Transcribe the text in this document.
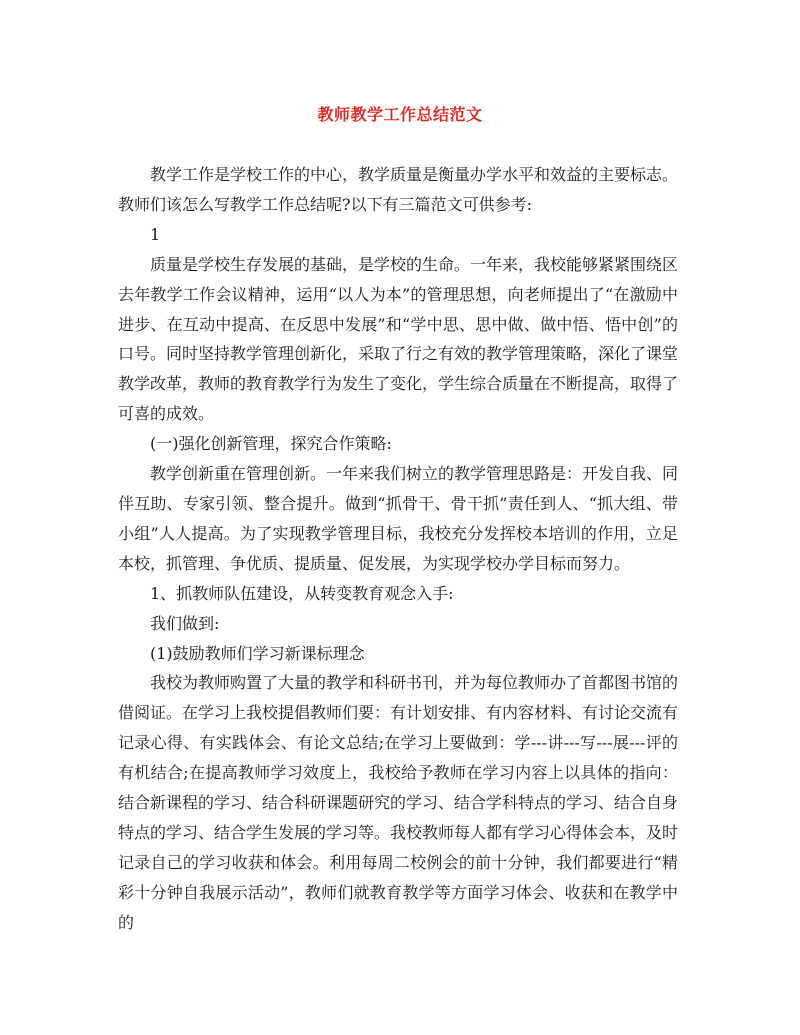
教师教学工作总结范文

教学工作是学校工作的中心，教学质量是衡量办学水平和效益的主要标志。教师们该怎么写教学工作总结呢?以下有三篇范文可供参考:

1

质量是学校生存发展的基础，是学校的生命。一年来，我校能够紧紧围绕区去年教学工作会议精神，运用“以人为本”的管理思想，向老师提出了“在激励中进步、在互动中提高、在反思中发展”和“学中思、思中做、做中悟、悟中创”的口号。同时坚持教学管理创新化，采取了行之有效的教学管理策略，深化了课堂教学改革，教师的教育教学行为发生了变化，学生综合质量在不断提高，取得了可喜的成效。

(一)强化创新管理，探究合作策略:

教学创新重在管理创新。一年来我们树立的教学管理思路是：开发自我、同伴互助、专家引领、整合提升。做到“抓骨干、骨干抓”责任到人、“抓大组、带小组”人人提高。为了实现教学管理目标，我校充分发挥校本培训的作用，立足本校，抓管理、争优质、提质量、促发展，为实现学校办学目标而努力。

1、抓教师队伍建设，从转变教育观念入手:

我们做到:

(1)鼓励教师们学习新课标理念

我校为教师购置了大量的教学和科研书刊，并为每位教师办了首都图书馆的借阅证。在学习上我校提倡教师们要：有计划安排、有内容材料、有讨论交流有记录心得、有实践体会、有论文总结;在学习上要做到：学---讲---写---展---评的有机结合;在提高教师学习效度上，我校给予教师在学习内容上以具体的指向：结合新课程的学习、结合科研课题研究的学习、结合学科特点的学习、结合自身特点的学习、结合学生发展的学习等。我校教师每人都有学习心得体会本，及时记录自己的学习收获和体会。利用每周二校例会的前十分钟，我们都要进行“精彩十分钟自我展示活动”，教师们就教育教学等方面学习体会、收获和在教学中的
